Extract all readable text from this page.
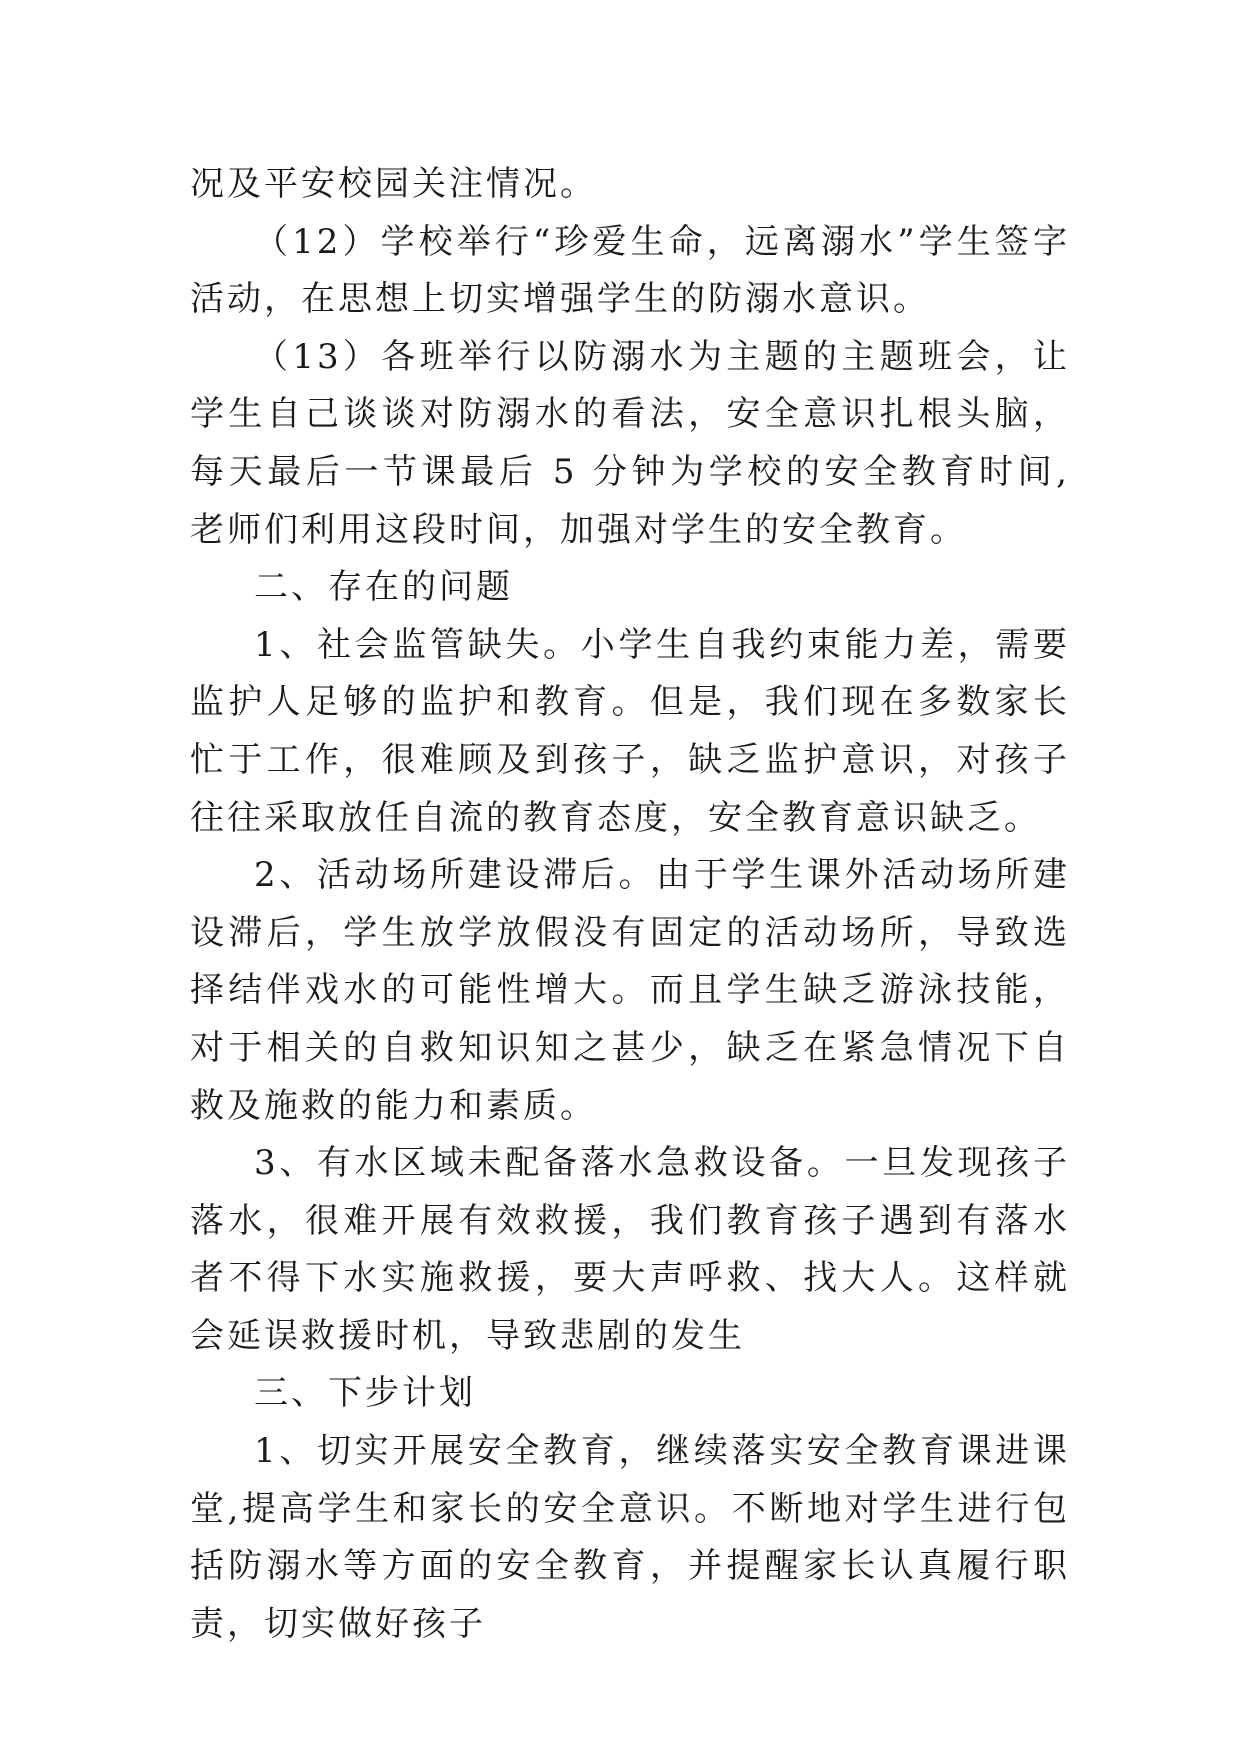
况及平安校园关注情况。

（12）学校举行“珍爱生命，远离溺水”学生签字活动，在思想上切实增强学生的防溺水意识。

（13）各班举行以防溺水为主题的主题班会，让学生自己谈谈对防溺水的看法，安全意识扎根头脑，每天最后一节课最后 5 分钟为学校的安全教育时间,老师们利用这段时间，加强对学生的安全教育。

二、存在的问题

1、社会监管缺失。小学生自我约束能力差，需要监护人足够的监护和教育。但是，我们现在多数家长忙于工作，很难顾及到孩子，缺乏监护意识，对孩子往往采取放任自流的教育态度，安全教育意识缺乏。

2、活动场所建设滞后。由于学生课外活动场所建设滞后，学生放学放假没有固定的活动场所，导致选择结伴戏水的可能性增大。而且学生缺乏游泳技能，对于相关的自救知识知之甚少，缺乏在紧急情况下自救及施救的能力和素质。

3、有水区域未配备落水急救设备。一旦发现孩子落水，很难开展有效救援，我们教育孩子遇到有落水者不得下水实施救援，要大声呼救、找大人。这样就会延误救援时机，导致悲剧的发生

三、下步计划

1、切实开展安全教育，继续落实安全教育课进课堂,提高学生和家长的安全意识。不断地对学生进行包括防溺水等方面的安全教育，并提醒家长认真履行职责，切实做好孩子
